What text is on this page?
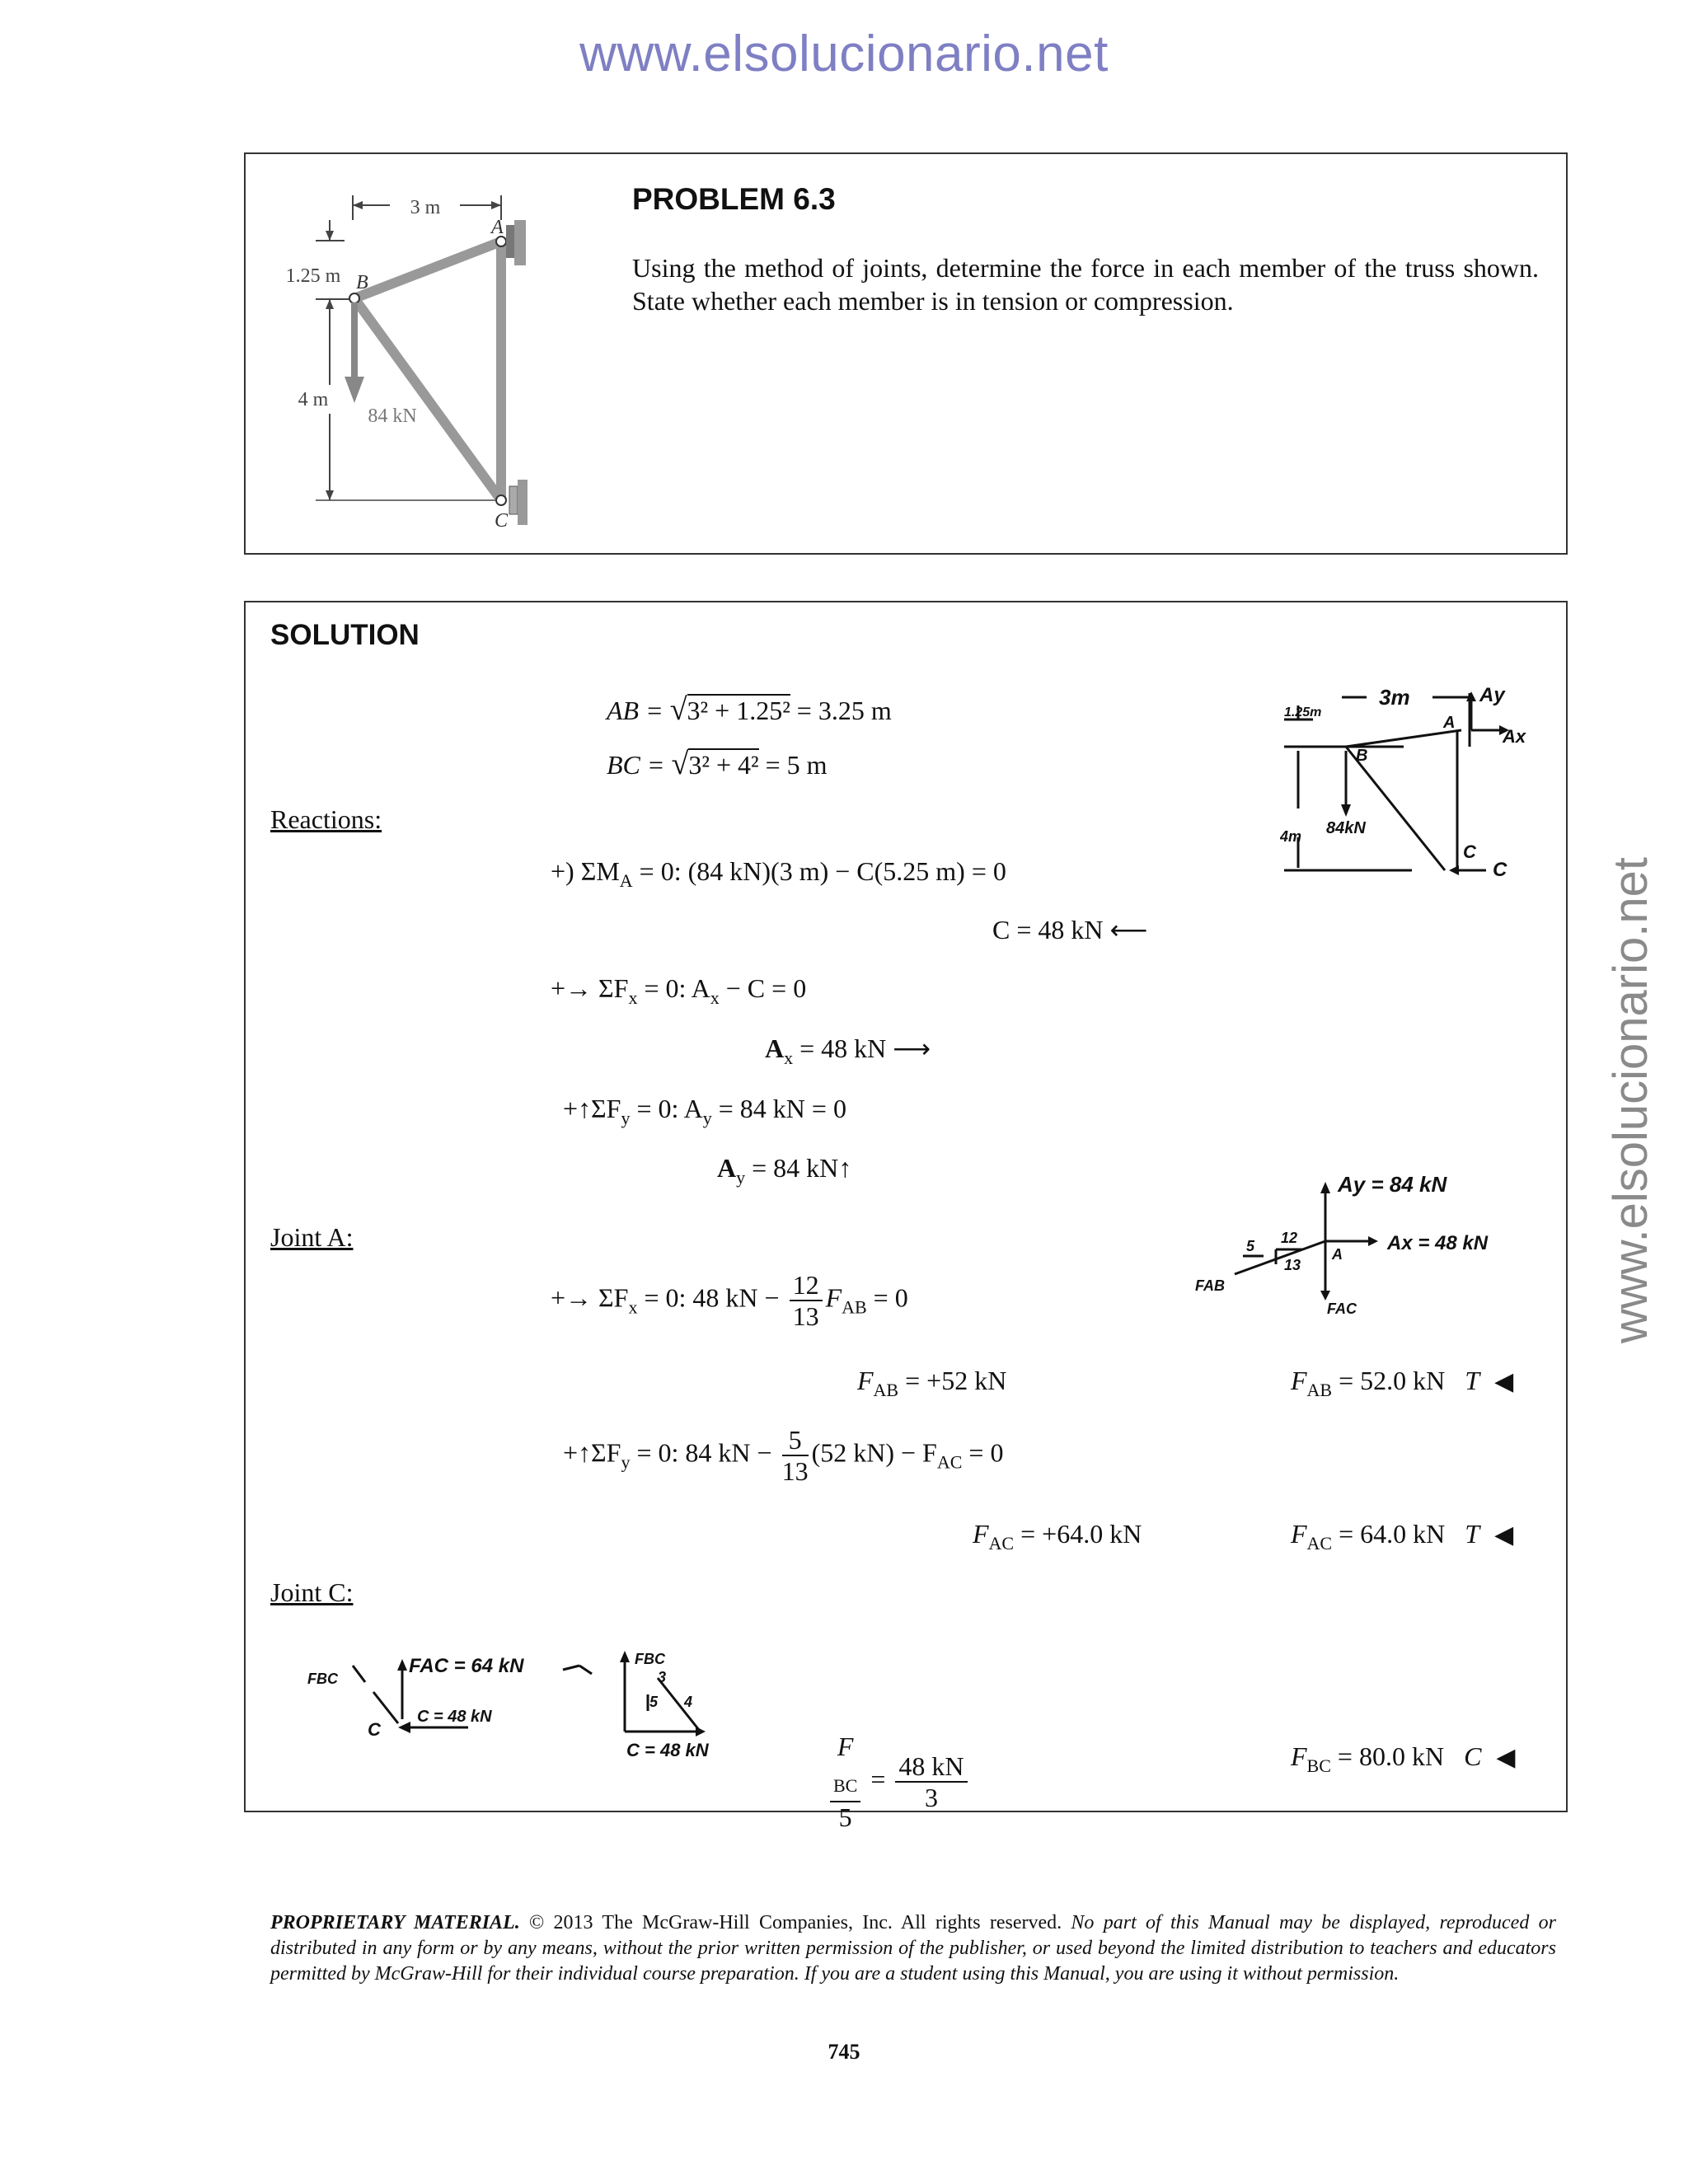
www.elsolucionario.net
www.elsolucionario.net
3 m
1.25 m
4 m
84 kN
A
B
C
PROBLEM 6.3
Using the method of joints, determine the force in each member of the truss shown. State whether each member is in tension or compression.
SOLUTION
AB = √3² + 1.25² = 3.25 m
BC = √3² + 4² = 5 m
Reactions:
+) $\Sigma M_A = 0$: (84 kN)(3 m) − C(5.25 m) = 0
C = 48 kN ⟵
+→ $\Sigma F_x = 0$: $A_x - C = 0$
$A_x = 48$ kN ⟶
$+↑\Sigma F_y = 0$: $A_y = 84$ kN = 0
$A_y = 84$ kN↑
Joint A:
+→ $\Sigma F_x = 0$: 48 kN − $\frac{12}{13} F_{AB} = 0$
$F_{AB} = +52$ kN	$F_{AB} = 52.0$ kN T ◀
$+↑\Sigma F_y = 0$: 84 kN − $\frac{5}{13} (52$ $kN) - F_{AC} = 0$
$F_{AC} = +64.0$ kN	$F_{AC} = 64.0$ kN T ◀
Joint C:
F
$_{BC}$
$5 = \frac{48 kN}{3}$	$F_{BC} = 80.0$ kN C ◀
3m	Ay
1.25m
A
Ax
B
84kN
4m
C
C
Ay = 84 kN
Ax = 48 kN
12
13
5	A
FAB
FAC
FBC
FAC = 64 kN
C
C = 48 kN
FBC
3
4
5
C = 48 kN
PROPRIETARY MATERIAL. © 2013 The McGraw-Hill Companies, Inc. All rights reserved. No part of this Manual may be displayed, reproduced or distributed in any form or by any means, without the prior written permission of the publisher, or used beyond the limited distribution to teachers and educators permitted by McGraw-Hill for their individual course preparation. If you are a student using this Manual, you are using it without permission.
745
